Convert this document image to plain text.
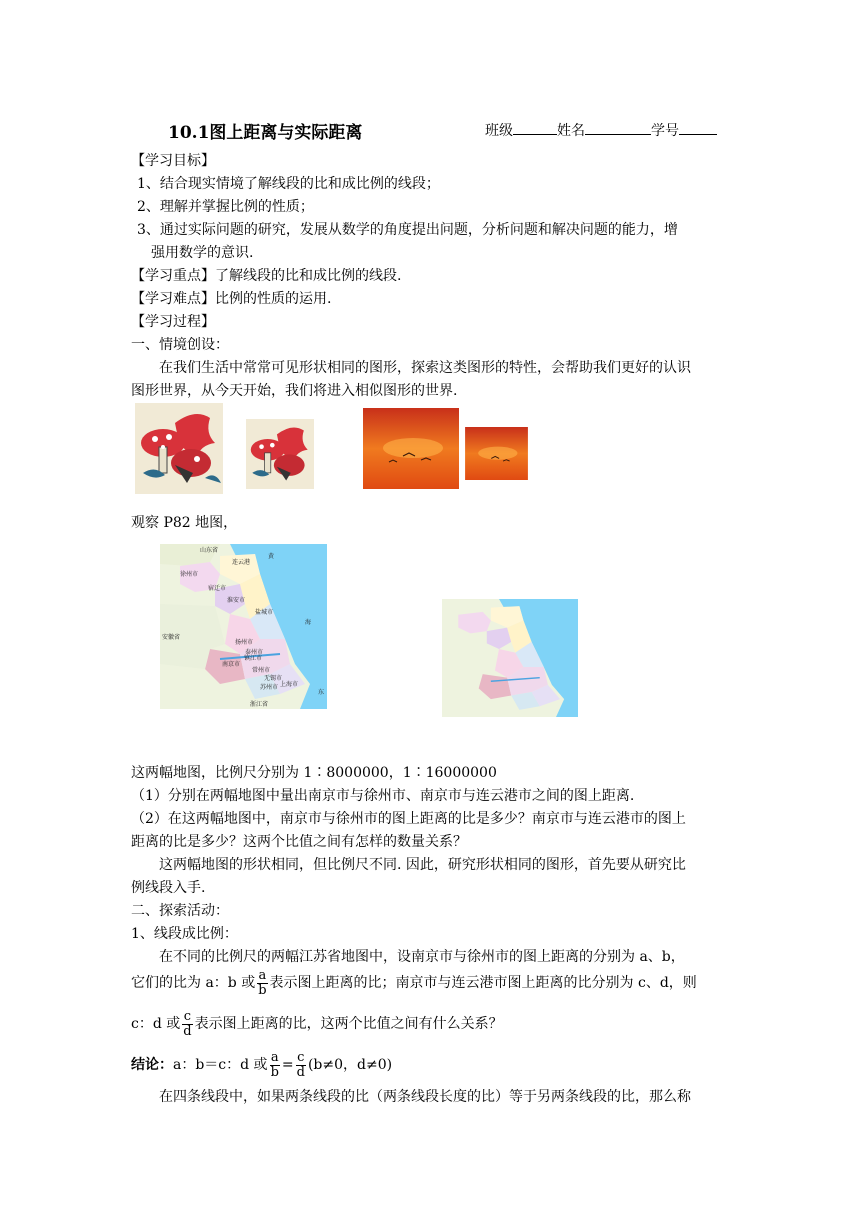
10.1图上距离与实际距离	班级	姓名	学号
【学习目标】
1、结合现实情境了解线段的比和成比例的线段；
2、理解并掌握比例的性质；
3、通过实际问题的研究，发展从数学的角度提出问题，分析问题和解决问题的能力，增
强用数学的意识.
【学习重点】了解线段的比和成比例的线段.
【学习难点】比例的性质的运用.
【学习过程】
一、情境创设：
在我们生活中常常可见形状相同的图形，探索这类图形的特性，会帮助我们更好的认识
图形世界，从今天开始，我们将进入相似图形的世界.
观察 P82 地图，
山东省
连云港
徐州市
宿迁市
淮安市
盐城市
安徽省
扬州市
泰州市
南京市
镇江市
常州市
无锡市
苏州市 上海市
浙江省
黄
海
东
这两幅地图，比例尺分别为 1∶8000000，1∶16000000
（1）分别在两幅地图中量出南京市与徐州市、南京市与连云港市之间的图上距离.
（2）在这两幅地图中，南京市与徐州市的图上距离的比是多少？南京市与连云港市的图上
距离的比是多少？这两个比值之间有怎样的数量关系？
这两幅地图的形状相同，但比例尺不同. 因此，研究形状相同的图形，首先要从研究比
例线段入手.
二、探索活动：
1、线段成比例：
在不同的比例尺的两幅江苏省地图中，设南京市与徐州市的图上距离的分别为 a、b，
它们的比为 a：b 或 $\frac{a}{b}$ 表示图上距离的比；南京市与连云港市图上距离的比分别为 c、d，则
c：d 或 $\frac{c}{d}$ 表示图上距离的比，这两个比值之间有什么关系？
结论：a：b＝c：d 或 $\frac{a}{b} = \frac{c}{d} (b\ne 0$，d≠0)
在四条线段中，如果两条线段的比（两条线段长度的比）等于另两条线段的比，那么称
